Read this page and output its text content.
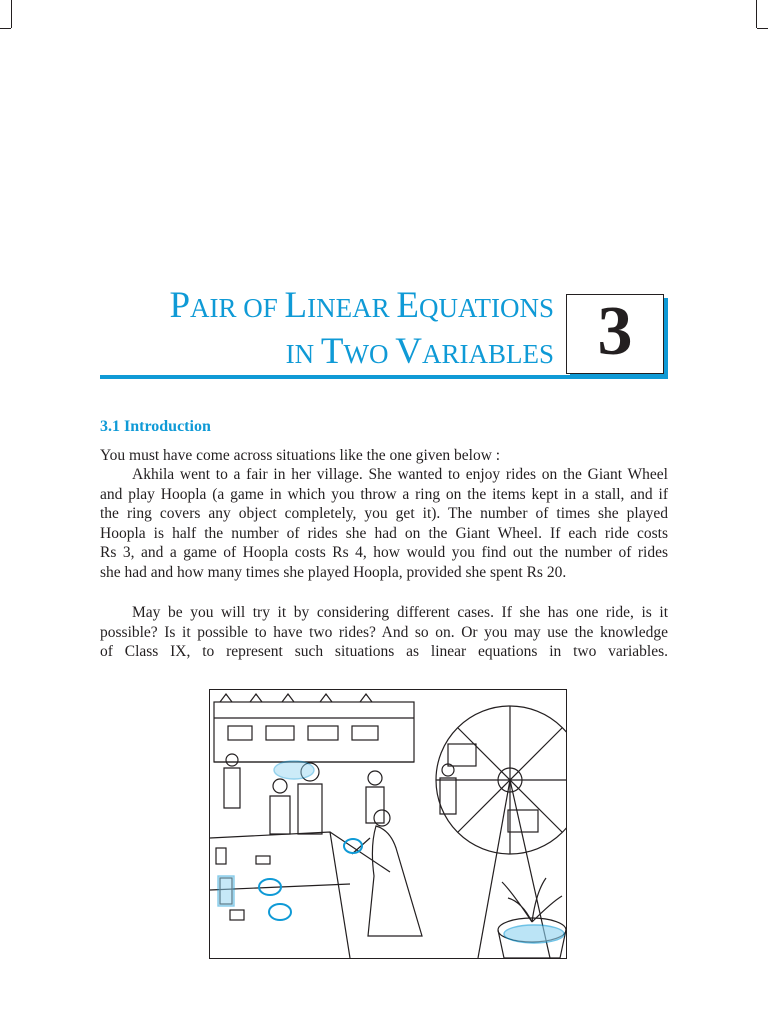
PAIR OF LINEAR EQUATIONS
IN TWO VARIABLES 3
3.1 Introduction

You must have come across situations like the one given below :

Akhila went to a fair in her village. She wanted to enjoy rides on the Giant Wheel
and play Hoopla (a game in which you throw a ring on the items kept in a stall, and if
the ring covers any object completely, you get it). The number of times she played
Hoopla is half the number of rides she had on the Giant Wheel. If each ride costs
Rs 3, and a game of Hoopla costs Rs 4, how would you find out the number of rides
she had and how many times she played Hoopla, provided she spent Rs 20.

May be you will try it by considering different cases. If she has one ride, is it
possible? Is it possible to have two rides? And so on. Or you may use the knowledge
of Class IX, to represent such situations as linear equations in two variables.
